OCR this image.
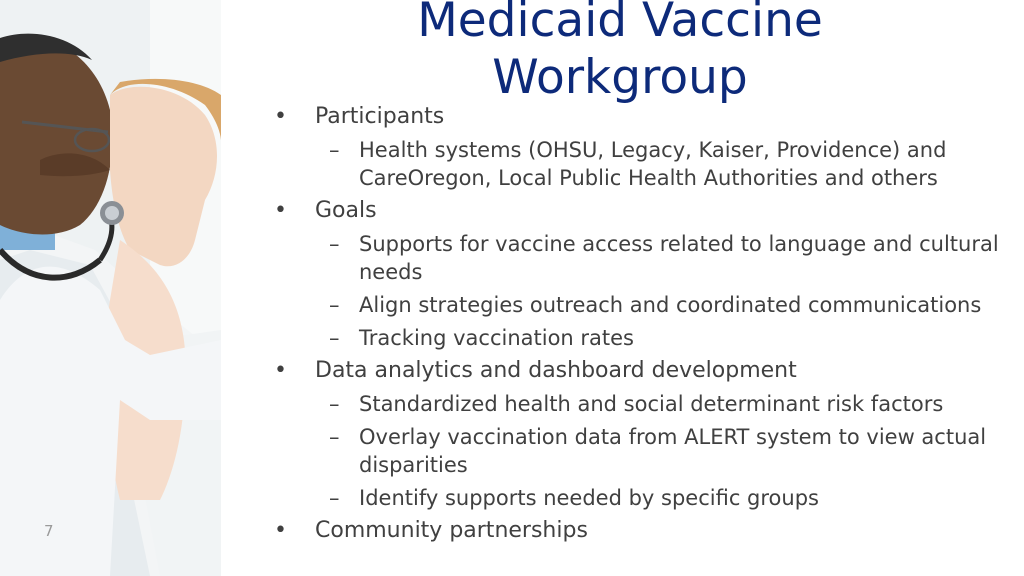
Medicaid Vaccine
Workgroup
• Participants
– Health systems (OHSU, Legacy, Kaiser, Providence) and CareOregon, Local Public Health Authorities and others
• Goals
– Supports for vaccine access related to language and cultural needs
– Align strategies outreach and coordinated communications
– Tracking vaccination rates
• Data analytics and dashboard development
– Standardized health and social determinant risk factors
– Overlay vaccination data from ALERT system to view actual disparities
– Identify supports needed by specific groups
• Community partnerships
7
